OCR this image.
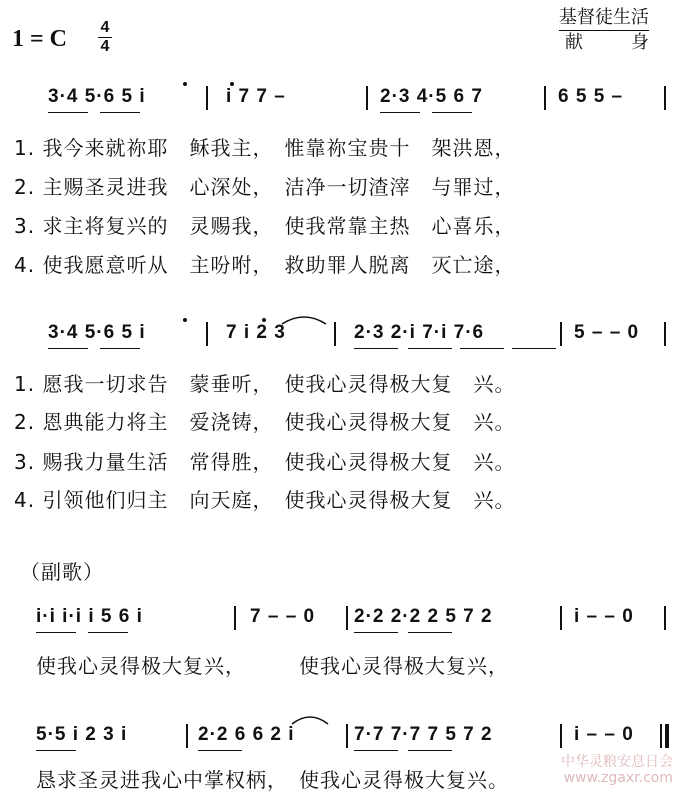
1 = C 4
4
基督徒生活
献身
3·4 5·6 5 i	i 7 7 –	2·3 4·5 6 7	6 5 5 –
1. 我今来就祢耶　稣我主，　惟靠祢宝贵十　架洪恩，
2. 主赐圣灵进我　心深处，　洁净一切渣滓　与罪过，
3. 求主将复兴的　灵赐我，　使我常靠主热　心喜乐，
4. 使我愿意听从　主吩咐，　救助罪人脱离　灭亡途，
3·4 5·6 5 i	7 i 2 3	2·3 2·i 7·i 7·6	5 – – 0
1. 愿我一切求告　蒙垂听，　使我心灵得极大复　兴。
2. 恩典能力将主　爱浇铸，　使我心灵得极大复　兴。
3. 赐我力量生活　常得胜，　使我心灵得极大复　兴。
4. 引领他们归主　向天庭，　使我心灵得极大复　兴。
（副歌）
i·i i·i i 5 6 i	7 – – 0 2·2 2·2 2 5 7 2	i – – 0
使我心灵得极大复兴，　　　使我心灵得极大复兴，
5·5 i 2 3 i	2·2 6 6 2 i	7·7 7·7 7 5 7 2	i – – 0
恳求圣灵进我心中掌权柄，　使我心灵得极大复兴。
中华灵粮安息日会
www.zgaxr.com
